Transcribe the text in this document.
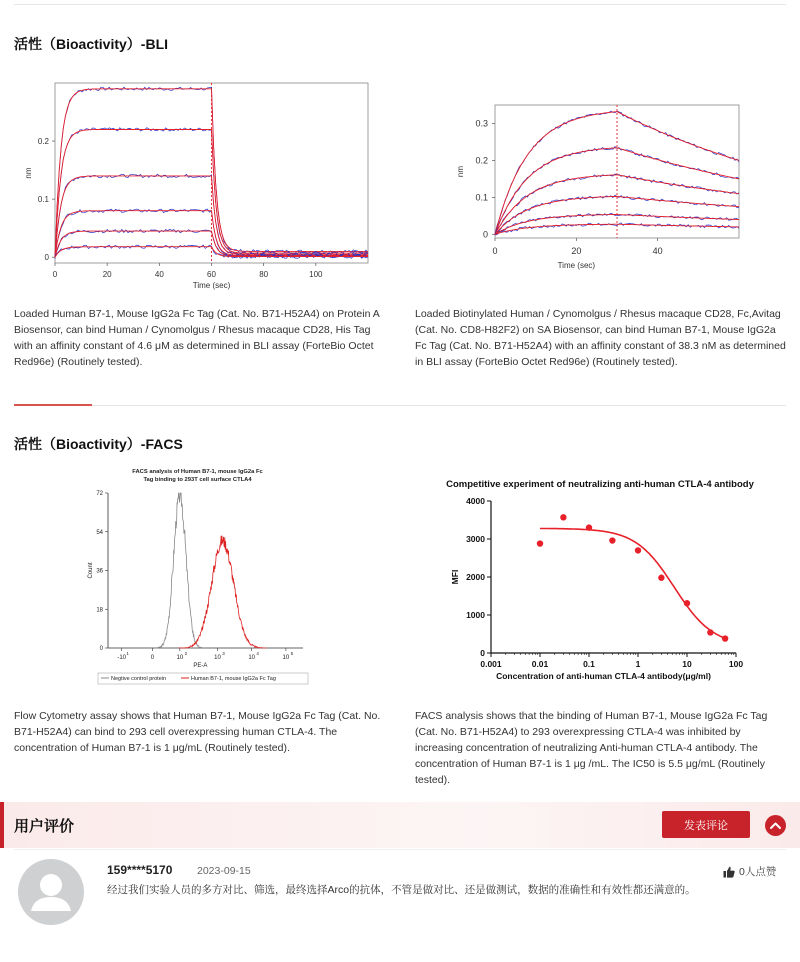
活性（Bioactivity）-BLI
0	20	40	60	80	100
0
0.1
0.2
Time (sec)
nm
0	20	40
0
0.1
0.2
0.3
Time (sec)
nm
Loaded Human B7-1, Mouse IgG2a Fc Tag (Cat. No. B71-H52A4) on Protein A Biosensor, can bind Human / Cynomolgus / Rhesus macaque CD28, His Tag with an affinity constant of 4.6 μM as determined in BLI assay (ForteBio Octet Red96e) (Routinely tested).
Loaded Biotinylated Human / Cynomolgus / Rhesus macaque CD28, Fc,Avitag (Cat. No. CD8-H82F2) on SA Biosensor, can bind Human B7-1, Mouse IgG2a Fc Tag (Cat. No. B71-H52A4) with an affinity constant of 38.3 nM as determined in BLI assay (ForteBio Octet Red96e) (Routinely tested).
活性（Bioactivity）-FACS
FACS analysis of Human B7-1, mouse IgG2a Fc
Tag binding to 293T cell surface CTLA4
0
18
36
54
72
-10
1
0	10
2
10
3
10
4
10
5
PE-A
Count
Negtive control protein	Human B7-1, mouse IgG2a Fc Tag
Competitive experiment of neutralizing anti-human CTLA-4 antibody
0
1000
2000
3000
4000
0.001	0.01	0.1	1	10	100
Concentration of anti-human CTLA-4 antibody(μg/ml)
MFI
Flow Cytometry assay shows that Human B7-1, Mouse IgG2a Fc Tag (Cat. No. B71-H52A4) can bind to 293 cell overexpressing human CTLA-4. The concentration of Human B7-1 is 1 μg/mL (Routinely tested).
FACS analysis shows that the binding of Human B7-1, Mouse IgG2a Fc Tag (Cat. No. B71-H52A4) to 293 overexpressing CTLA-4 was inhibited by increasing concentration of neutralizing Anti-human CTLA-4 antibody. The concentration of Human B7-1 is 1 μg /mL. The IC50 is 5.5 μg/mL (Routinely tested).
用户评价	发表评论
159****5170 2023-09-15	0人点赞
经过我们实验人员的多方对比、筛选，最终选择Arco的抗体，不管是做对比、还是做测试，数据的准确性和有效性都还满意的。
